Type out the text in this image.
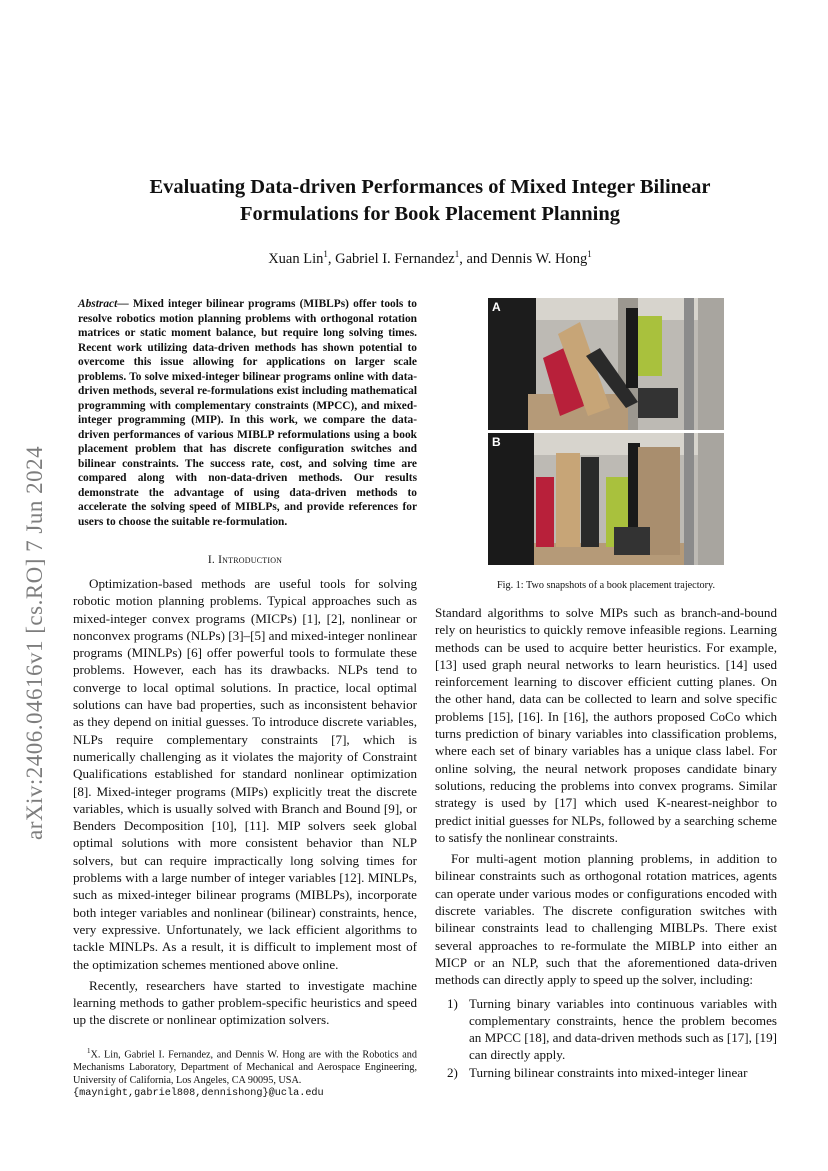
arXiv:2406.04616v1 [cs.RO] 7 Jun 2024
Evaluating Data-driven Performances of Mixed Integer Bilinear
Formulations for Book Placement Planning
Xuan Lin$^1$, Gabriel I. Fernandez$^1$, and Dennis W. Hong$^1$
Abstract— Mixed integer bilinear programs (MIBLPs) offer tools to resolve robotics motion planning problems with orthogonal rotation matrices or static moment balance, but require long solving times. Recent work utilizing data-driven methods has shown potential to overcome this issue allowing for applications on larger scale problems. To solve mixed-integer bilinear programs online with data-driven methods, several re-formulations exist including mathematical programming with complementary constraints (MPCC), and mixed-integer programming (MIP). In this work, we compare the data-driven performances of various MIBLP reformulations using a book placement problem that has discrete configuration switches and bilinear constraints. The success rate, cost, and solving time are compared along with non-data-driven methods. Our results demonstrate the advantage of using data-driven methods to accelerate the solving speed of MIBLPs, and provide references for users to choose the suitable re-formulation.
I. Introduction

Optimization-based methods are useful tools for solving robotic motion planning problems. Typical approaches such as mixed-integer convex programs (MICPs) [1], [2], nonlinear or nonconvex programs (NLPs) [3]–[5] and mixed-integer nonlinear programs (MINLPs) [6] offer powerful tools to formulate these problems. However, each has its drawbacks. NLPs tend to converge to local optimal solutions. In practice, local optimal solutions can have bad properties, such as inconsistent behavior as they depend on initial guesses. To introduce discrete variables, NLPs require complementary constraints [7], which is numerically challenging as it violates the majority of Constraint Qualifications established for standard nonlinear optimization [8]. Mixed-integer programs (MIPs) explicitly treat the discrete variables, which is usually solved with Branch and Bound [9], or Benders Decomposition [10], [11]. MIP solvers seek global optimal solutions with more consistent behavior than NLP solvers, but can require impractically long solving times for problems with a large number of integer variables [12]. MINLPs, such as mixed-integer bilinear programs (MIBLPs), incorporate both integer variables and nonlinear (bilinear) constraints, hence, very expressive. Unfortunately, we lack efficient algorithms to tackle MINLPs. As a result, it is difficult to implement most of the optimization schemes mentioned above online.

Recently, researchers have started to investigate machine learning methods to gather problem-specific heuristics and speed up the discrete or nonlinear optimization solvers.

$^1$X. Lin, Gabriel I. Fernandez, and Dennis W. Hong are with the Robotics and Mechanisms Laboratory, Department of Mechanical and Aerospace Engineering, University of California, Los Angeles, CA 90095, USA.
{maynight,gabriel808,dennishong}@ucla.edu
A
B
Fig. 1: Two snapshots of a book placement trajectory.

Standard algorithms to solve MIPs such as branch-and-bound rely on heuristics to quickly remove infeasible regions. Learning methods can be used to acquire better heuristics. For example, [13] used graph neural networks to learn heuristics. [14] used reinforcement learning to discover efficient cutting planes. On the other hand, data can be collected to learn and solve specific problems [15], [16]. In [16], the authors proposed CoCo which turns prediction of binary variables into classification problems, where each set of binary variables has a unique class label. For online solving, the neural network proposes candidate binary solutions, reducing the problems into convex programs. Similar strategy is used by [17] which used K-nearest-neighbor to predict initial guesses for NLPs, followed by a searching scheme to satisfy the nonlinear constraints.

For multi-agent motion planning problems, in addition to bilinear constraints such as orthogonal rotation matrices, agents can operate under various modes or configurations encoded with discrete variables. The discrete configuration switches with bilinear constraints lead to challenging MIBLPs. There exist several approaches to re-formulate the MIBLP into either an MICP or an NLP, such that the aforementioned data-driven methods can directly apply to speed up the solver, including:

1) Turning binary variables into continuous variables with complementary constraints, hence the problem becomes an MPCC [18], and data-driven methods such as [17], [19] can directly apply.
2) Turning bilinear constraints into mixed-integer linear
